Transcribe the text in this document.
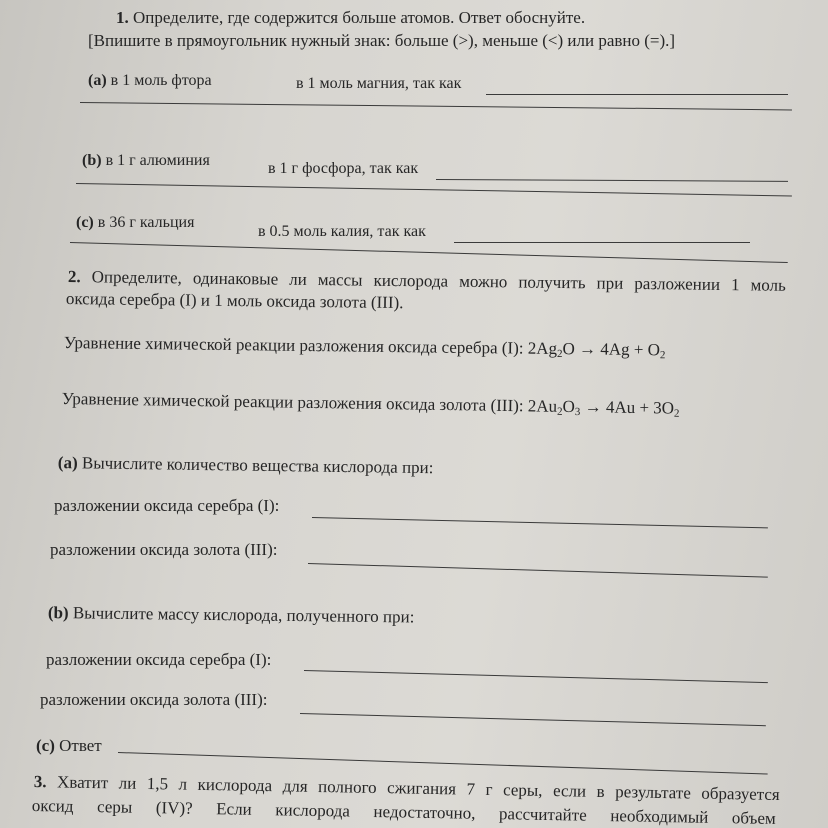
1. Определите, где содержится больше атомов. Ответ обоснуйте.
[Впишите в прямоугольник нужный знак: больше (>), меньше (<) или равно (=).]
(a) в 1 моль фтора	в 1 моль магния, так как
(b) в 1 г алюминия	в 1 г фосфора, так как
(c) в 36 г кальция
в 0.5 моль калия, так как
2. Определите, одинаковые ли массы кислорода можно получить при разложении 1 моль
оксида серебра (I) и 1 моль оксида золота (III).
Уравнение химической реакции разложения оксида серебра (I): $2Ag_2O \to 4Ag + O_2$
Уравнение химической реакции разложения оксида золота (III): $2Au_2O_3 \to 4Au + 3O_2$
(a) Вычислите количество вещества кислорода при:
разложении оксида серебра (I):
разложении оксида золота (III):
(b) Вычислите массу кислорода, полученного при:
разложении оксида серебра (I):
разложении оксида золота (III):
(c) Ответ
3. Хватит ли 1,5 л кислорода для полного сжигания 7 г серы, если в результате образуется
оксид серы (IV)? Если кислорода недостаточно, рассчитайте необходимый объем
